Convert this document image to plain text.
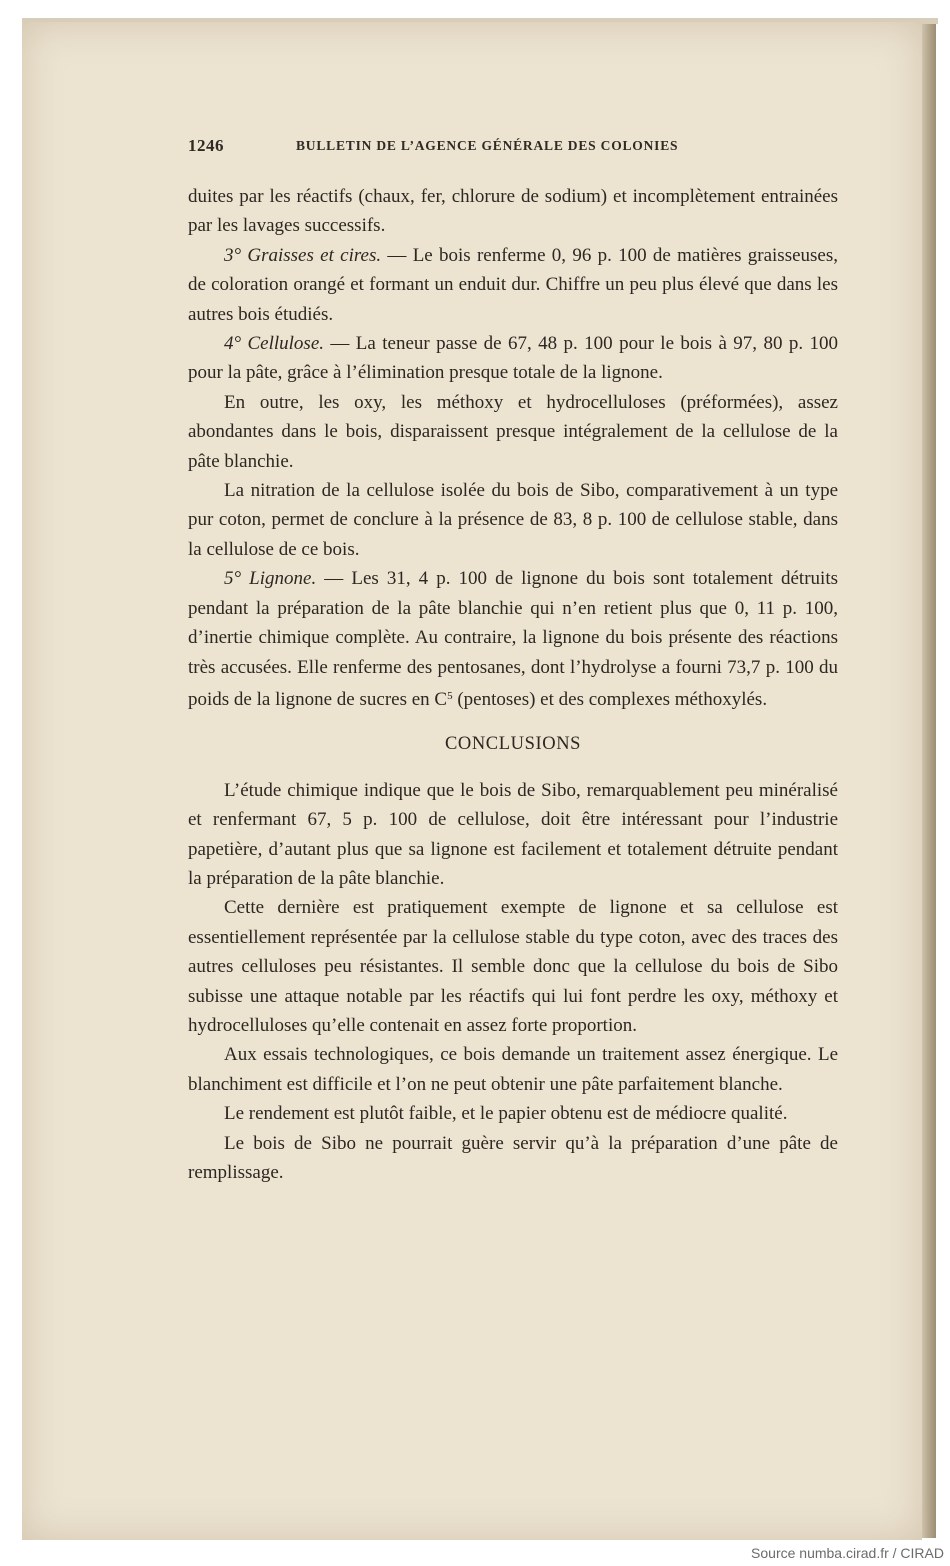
1246	BULLETIN DE L’AGENCE GÉNÉRALE DES COLONIES

duites par les réactifs (chaux, fer, chlorure de sodium) et incomplètement entrainées par les lavages successifs.

3° Graisses et cires. — Le bois renferme 0, 96 p. 100 de matières graisseuses, de coloration orangé et formant un enduit dur. Chiffre un peu plus élevé que dans les autres bois étudiés.

4° Cellulose. — La teneur passe de 67, 48 p. 100 pour le bois à 97, 80 p. 100 pour la pâte, grâce à l’élimination presque totale de la lignone.

En outre, les oxy, les méthoxy et hydrocelluloses (préformées), assez abondantes dans le bois, disparaissent presque intégralement de la cellulose de la pâte blanchie.

La nitration de la cellulose isolée du bois de Sibo, comparativement à un type pur coton, permet de conclure à la présence de 83, 8 p. 100 de cellulose stable, dans la cellulose de ce bois.

5° Lignone. — Les 31, 4 p. 100 de lignone du bois sont totalement détruits pendant la préparation de la pâte blanchie qui n’en retient plus que 0, 11 p. 100, d’inertie chimique complète. Au contraire, la lignone du bois présente des réactions très accusées. Elle renferme des pentosanes, dont l’hydrolyse a fourni 73,7 p. 100 du poids de la lignone de sucres en $C^5$ (pentoses) et des complexes méthoxylés.

CONCLUSIONS

L’étude chimique indique que le bois de Sibo, remarquablement peu minéralisé et renfermant 67, 5 p. 100 de cellulose, doit être intéressant pour l’industrie papetière, d’autant plus que sa lignone est facilement et totalement détruite pendant la préparation de la pâte blanchie.

Cette dernière est pratiquement exempte de lignone et sa cellulose est essentiellement représentée par la cellulose stable du type coton, avec des traces des autres celluloses peu résistantes. Il semble donc que la cellulose du bois de Sibo subisse une attaque notable par les réactifs qui lui font perdre les oxy, méthoxy et hydrocelluloses qu’elle contenait en assez forte proportion.

Aux essais technologiques, ce bois demande un traitement assez énergique. Le blanchiment est difficile et l’on ne peut obtenir une pâte parfaitement blanche.

Le rendement est plutôt faible, et le papier obtenu est de médiocre qualité.

Le bois de Sibo ne pourrait guère servir qu’à la préparation d’une pâte de remplissage.

Source numba.cirad.fr / CIRAD
